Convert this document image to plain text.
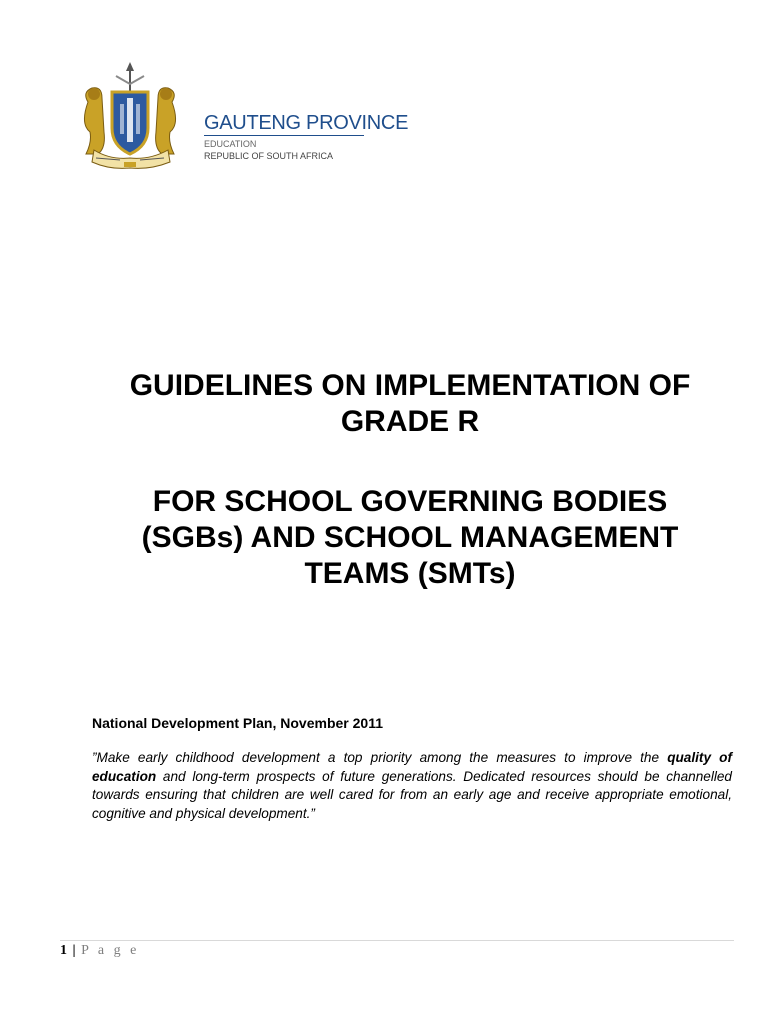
GAUTENG PROVINCE
EDUCATION
REPUBLIC OF SOUTH AFRICA
GUIDELINES ON IMPLEMENTATION OF
GRADE R
FOR SCHOOL GOVERNING BODIES
(SGBs) AND SCHOOL MANAGEMENT
TEAMS (SMTs)

National Development Plan, November 2011

”Make early childhood development a top priority among the measures to improve the quality of education and long-term prospects of future generations. Dedicated resources should be channelled towards ensuring that children are well cared for from an early age and receive appropriate emotional, cognitive and physical development.”

1 | P a g e
